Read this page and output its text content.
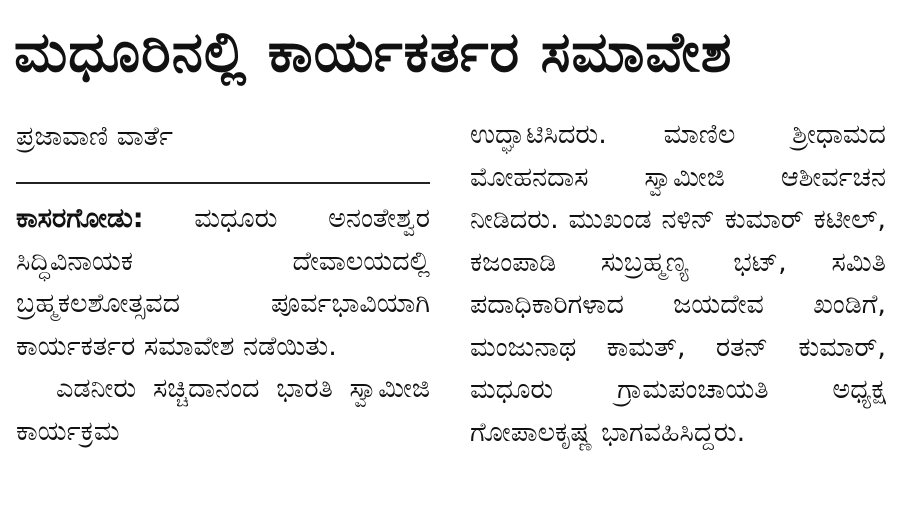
ಮಧೂರಿನಲ್ಲಿ ಕಾರ್ಯಕರ್ತರ ಸಮಾವೇಶ
ಪ್ರಜಾವಾಣಿ ವಾರ್ತೆ

ಕಾಸರಗೋಡು: ಮಧೂರು ಅನಂತೇಶ್ವರ ಸಿದ್ಧಿವಿನಾಯಕ ದೇವಾಲಯದಲ್ಲಿ ಬ್ರಹ್ಮಕಲಶೋತ್ಸವದ ಪೂರ್ವಭಾವಿಯಾಗಿ ಕಾರ್ಯಕರ್ತರ ಸಮಾವೇಶ ನಡೆಯಿತು.

ಎಡನೀರು ಸಚ್ಚಿದಾನಂದ ಭಾರತಿ ಸ್ವಾಮೀಜಿ ಕಾರ್ಯಕ್ರಮ

ಉದ್ಘಾಟಿಸಿದರು. ಮಾಣಿಲ ಶ್ರೀಧಾಮದ ಮೋಹನದಾಸ ಸ್ವಾಮೀಜಿ ಆಶೀರ್ವಚನ ನೀಡಿದರು. ಮುಖಂಡ ನಳಿನ್ ಕುಮಾರ್ ಕಟೀಲ್, ಕಜಂಪಾಡಿ ಸುಬ್ರಹ್ಮಣ್ಯ ಭಟ್, ಸಮಿತಿ ಪದಾಧಿಕಾರಿಗಳಾದ ಜಯದೇವ ಖಂಡಿಗೆ, ಮಂಜುನಾಥ ಕಾಮತ್, ರತನ್ ಕುಮಾರ್, ಮಧೂರು ಗ್ರಾಮಪಂಚಾಯತಿ ಅಧ್ಯಕ್ಷ ಗೋಪಾಲಕೃಷ್ಣ ಭಾಗವಹಿಸಿದ್ದರು.
